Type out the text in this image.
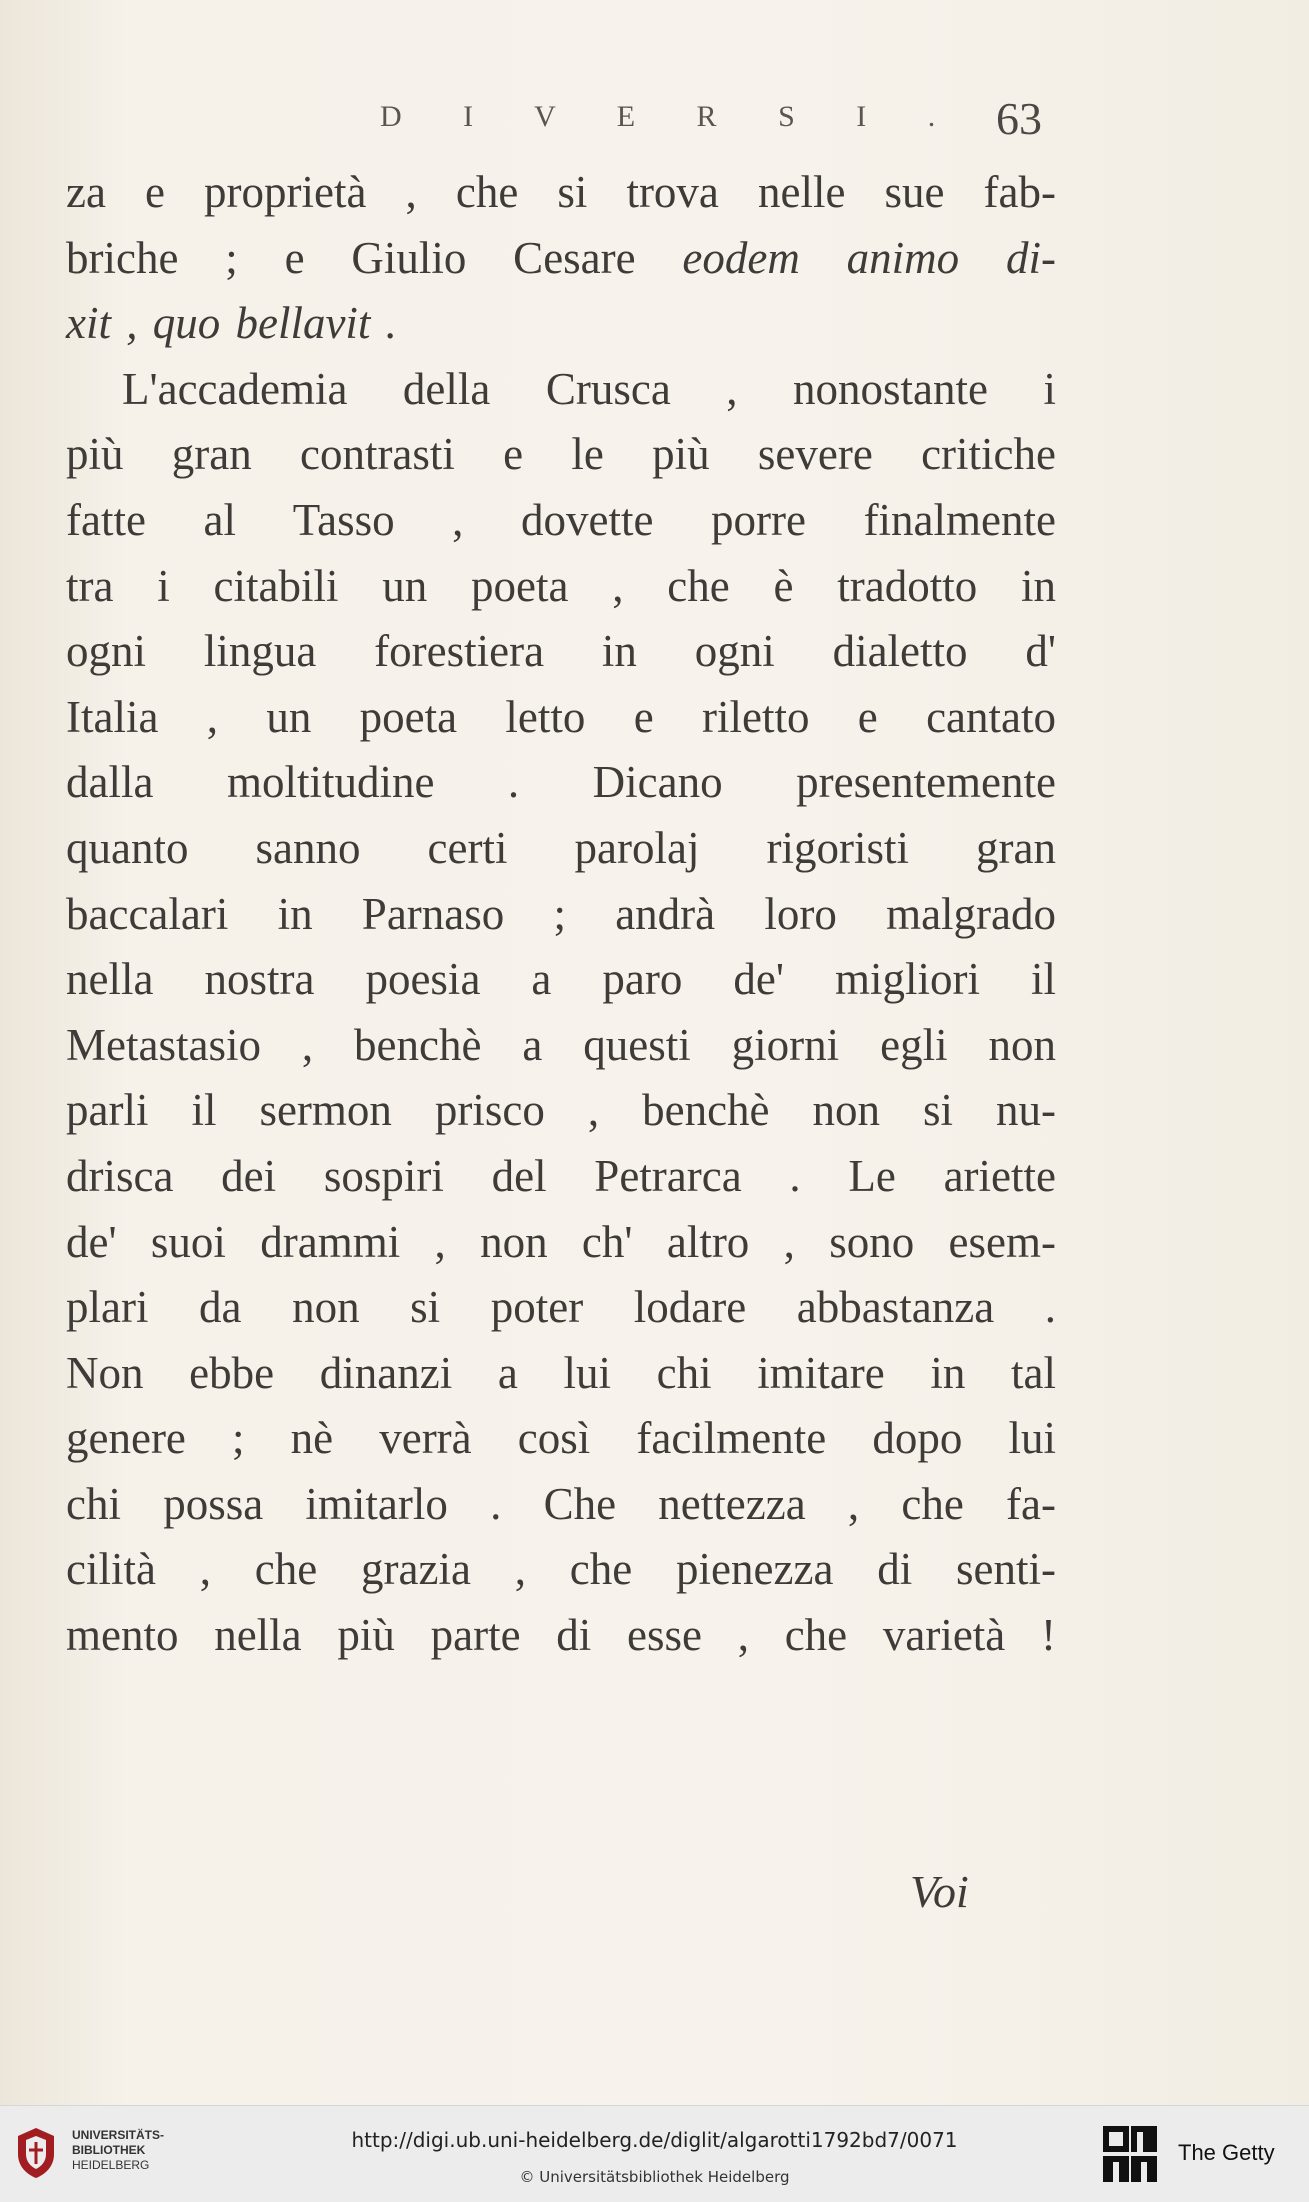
D I V E R S I . 63
za e proprietà , che si trova nelle sue fab-
briche ; e Giulio Cesare eodem animo di-
xit , quo bellavit .
L'accademia della Crusca , nonostante i
più gran contrasti e le più severe critiche
fatte al Tasso , dovette porre finalmente
tra i citabili un poeta , che è tradotto in
ogni lingua forestiera in ogni dialetto d'
Italia , un poeta letto e riletto e cantato
dalla moltitudine . Dicano presentemente
quanto sanno certi parolaj rigoristi gran
baccalari in Parnaso ; andrà loro malgrado
nella nostra poesia a paro de' migliori il
Metastasio , benchè a questi giorni egli non
parli il sermon prisco , benchè non si nu-
drisca dei sospiri del Petrarca . Le ariette
de' suoi drammi , non ch' altro , sono esem-
plari da non si poter lodare abbastanza .
Non ebbe dinanzi a lui chi imitare in tal
genere ; nè verrà così facilmente dopo lui
chi possa imitarlo . Che nettezza , che fa-
cilità , che grazia , che pienezza di senti-
mento nella più parte di esse , che varietà !
Voi
UNIVERSITÄTS-
BIBLIOTHEK
HEIDELBERG
http://digi.ub.uni-heidelberg.de/diglit/algarotti1792bd7/0071
© Universitätsbibliothek Heidelberg
The Getty
